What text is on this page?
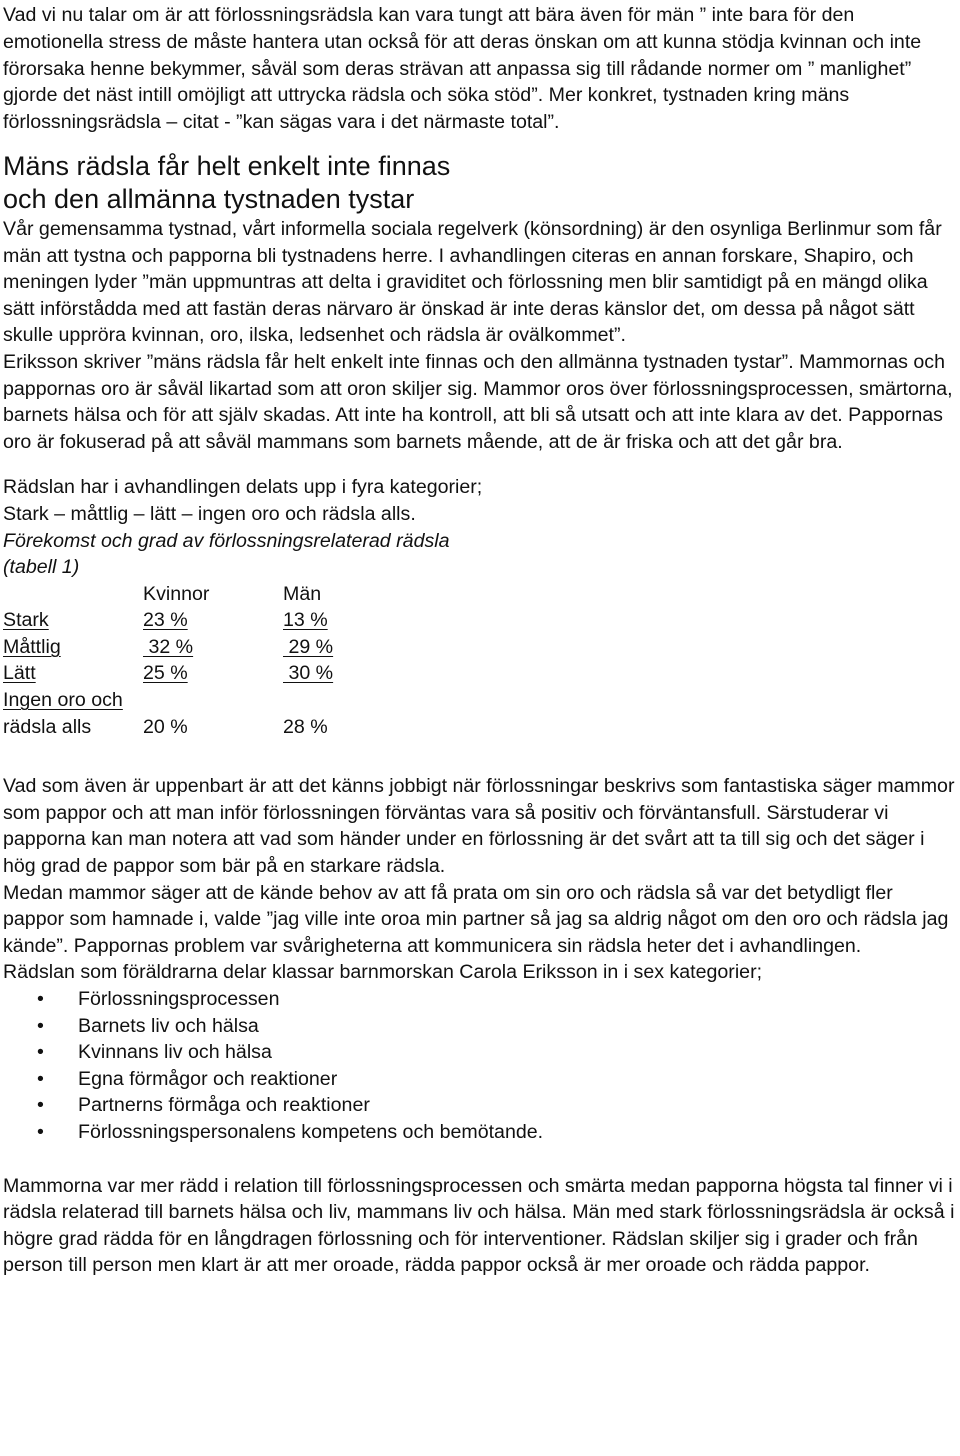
Vad vi nu talar om är att förlossningsrädsla kan vara tungt att bära även för män ” inte bara för den emotionella stress de måste hantera utan också för att deras önskan om att kunna stödja kvinnan och inte förorsaka henne bekymmer, såväl som deras strävan att anpassa sig till rådande normer om ” manlighet” gjorde det näst intill omöjligt att uttrycka rädsla och söka stöd”. Mer konkret, tystnaden kring mäns förlossningsrädsla – citat - ”kan sägas vara i det närmaste total”.

Mäns rädsla får helt enkelt inte finnas
och den allmänna tystnaden tystar

Vår gemensamma tystnad, vårt informella sociala regelverk (könsordning) är den osynliga Berlinmur som får män att tystna och papporna bli tystnadens herre. I avhandlingen citeras en annan forskare, Shapiro, och meningen lyder ”män uppmuntras att delta i graviditet och förlossning men blir samtidigt på en mängd olika sätt införstådda med att fastän deras närvaro är önskad är inte deras känslor det, om dessa på något sätt skulle uppröra kvinnan, oro, ilska, ledsenhet och rädsla är ovälkommet”.

Eriksson skriver ”mäns rädsla får helt enkelt inte finnas och den allmänna tystnaden tystar”. Mammornas och pappornas oro är såväl likartad som att oron skiljer sig. Mammor oros över förlossningsprocessen, smärtorna, barnets hälsa och för att själv skadas. Att inte ha kontroll, att bli så utsatt och att inte klara av det. Pappornas oro är fokuserad på att såväl mammans som barnets mående, att de är friska och att det går bra.

Rädslan har i avhandlingen delats upp i fyra kategorier;

Stark – måttlig – lätt – ingen oro och rädsla alls.

Förekomst och grad av förlossningsrelaterad rädsla

(tabell 1)

	Kvinnor	Män
Stark	23 %	13 %
Måttlig	32 %	29 %
Lätt	25 %	30 %
Ingen oro och		
rädsla alls	20 %	28 %

Vad som även är uppenbart är att det känns jobbigt när förlossningar beskrivs som fantastiska säger mammor som pappor och att man inför förlossningen förväntas vara så positiv och förväntansfull. Särstuderar vi papporna kan man notera att vad som händer under en förlossning är det svårt att ta till sig och det säger i hög grad de pappor som bär på en starkare rädsla.

Medan mammor säger att de kände behov av att få prata om sin oro och rädsla så var det betydligt fler pappor som hamnade i, valde ”jag ville inte oroa min partner så jag sa aldrig något om den oro och rädsla jag kände”. Pappornas problem var svårigheterna att kommunicera sin rädsla heter det i avhandlingen.

Rädslan som föräldrarna delar klassar barnmorskan Carola Eriksson in i sex kategorier;

• Förlossningsprocessen
• Barnets liv och hälsa
• Kvinnans liv och hälsa
• Egna förmågor och reaktioner
• Partnerns förmåga och reaktioner
• Förlossningspersonalens kompetens och bemötande.

Mammorna var mer rädd i relation till förlossningsprocessen och smärta medan papporna högsta tal finner vi i rädsla relaterad till barnets hälsa och liv, mammans liv och hälsa. Män med stark förlossningsrädsla är också i högre grad rädda för en långdragen förlossning och för interventioner. Rädslan skiljer sig i grader och från person till person men klart är att mer oroade, rädda pappor också är mer oroade och rädda pappor.
